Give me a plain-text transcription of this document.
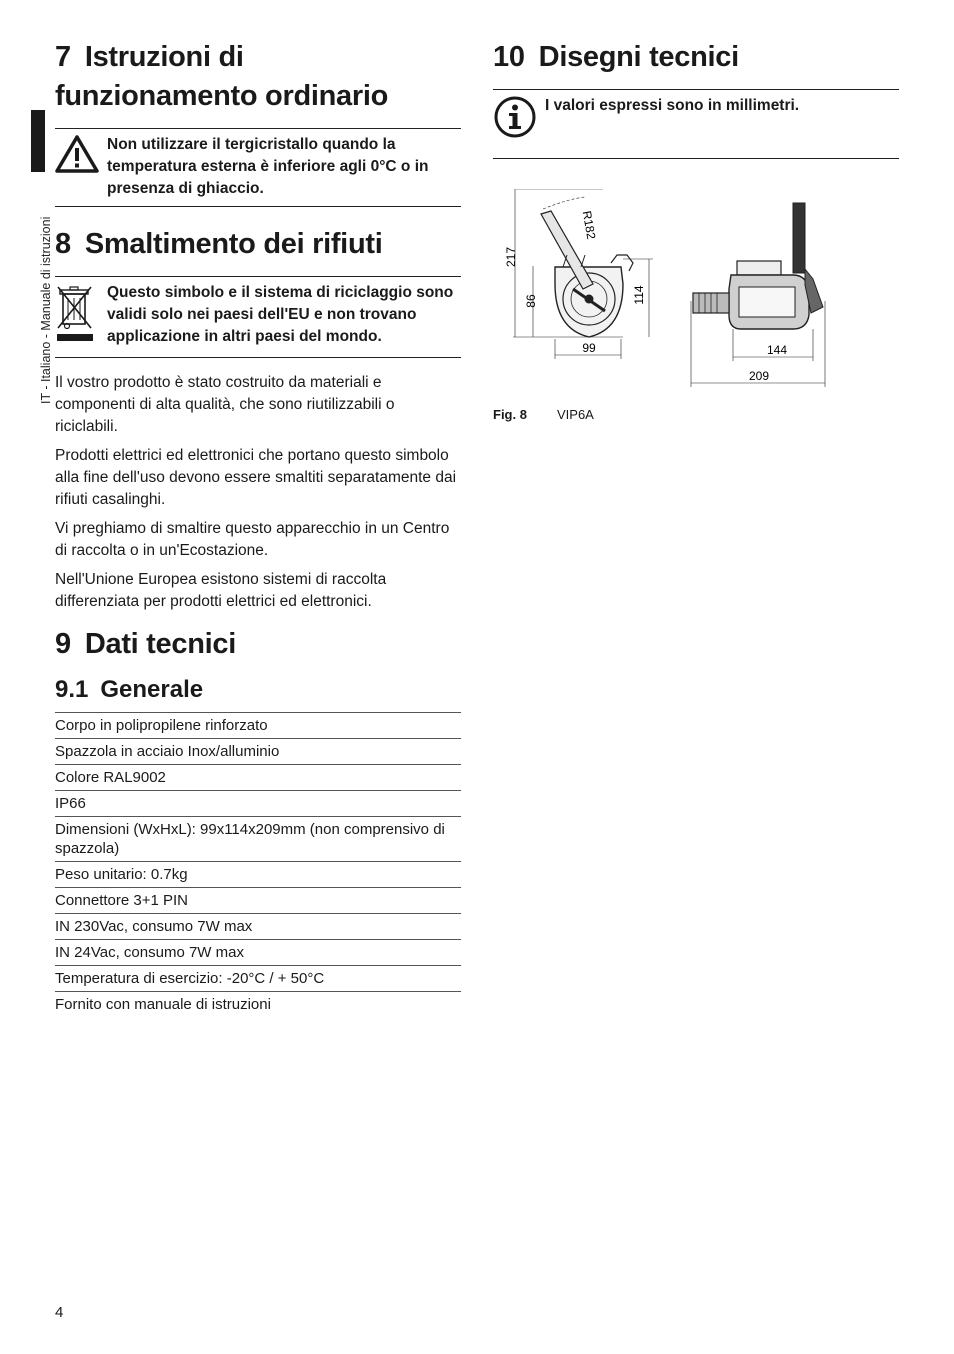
IT - Italiano - Manuale di istruzioni
7 Istruzioni di
funzionamento ordinario
Non utilizzare il tergicristallo quando la temperatura esterna è inferiore agli 0°C o in presenza di ghiaccio.
8 Smaltimento dei rifiuti
Questo simbolo e il sistema di riciclaggio sono validi solo nei paesi dell'EU e non trovano applicazione in altri paesi del mondo.

Il vostro prodotto è stato costruito da materiali e componenti di alta qualità, che sono riutilizzabili o riciclabili.

Prodotti elettrici ed elettronici che portano questo simbolo alla fine dell'uso devono essere smaltiti separatamente dai rifiuti casalinghi.

Vi preghiamo di smaltire questo apparecchio in un Centro di raccolta o in un'Ecostazione.

Nell'Unione Europea esistono sistemi di raccolta differenziata per prodotti elettrici ed elettronici.

9 Dati tecnici
9.1 Generale
Corpo in polipropilene rinforzato
Spazzola in acciaio Inox/alluminio
Colore RAL9002
IP66
Dimensioni (WxHxL): 99x114x209mm (non comprensivo di spazzola)
Peso unitario: 0.7kg
Connettore 3+1 PIN
IN 230Vac, consumo 7W max
IN 24Vac, consumo 7W max
Temperatura di esercizio: -20°C / + 50°C
Fornito con manuale di istruzioni
10 Disegni tecnici
I valori espressi sono in millimetri.
217
86
R182
114
99	144
209
Fig. 8 VIP6A
4
